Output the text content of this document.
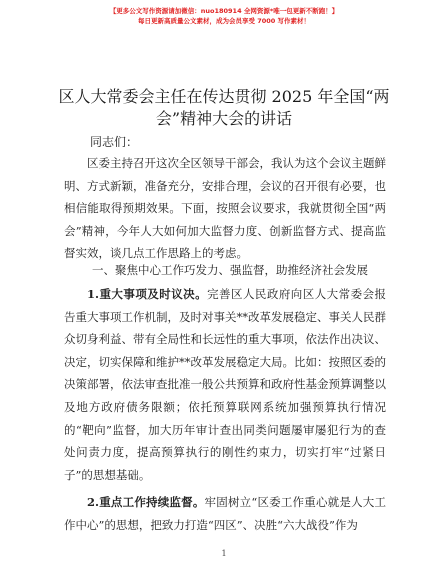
【更多公文写作资源请加微信：nuo180914 全网资源*唯一包更新不断跑！】
每日更新高质量公文素材，成为会员享受 7000 写作素材！
区人大常委会主任在传达贯彻 2025 年全国“两会”精神大会的讲话
同志们：

区委主持召开这次全区领导干部会，我认为这个会议主题鲜明、方式新颖，准备充分，安排合理，会议的召开很有必要，也相信能取得预期效果。下面，按照会议要求，我就贯彻全国“两会”精神，今年人大如何加大监督力度、创新监督方式、提高监督实效，谈几点工作思路上的考虑。

一、聚焦中心工作巧发力、强监督，助推经济社会发展

1.重大事项及时议决。完善区人民政府向区人大常委会报告重大事项工作机制，及时对事关**改革发展稳定、事关人民群众切身利益、带有全局性和长远性的重大事项，依法作出决议、决定，切实保障和维护**改革发展稳定大局。比如：按照区委的决策部署，依法审查批准一般公共预算和政府性基金预算调整以及地方政府债务限额；依托预算联网系统加强预算执行情况的“靶向”监督，加大历年审计查出同类问题屡审屡犯行为的查处问责力度，提高预算执行的刚性约束力，切实打牢“过紧日子”的思想基础。

2.重点工作持续监督。牢固树立“区委工作重心就是人大工作中心”的思想，把致力打造“四区”、决胜“六大战役”作为

1
